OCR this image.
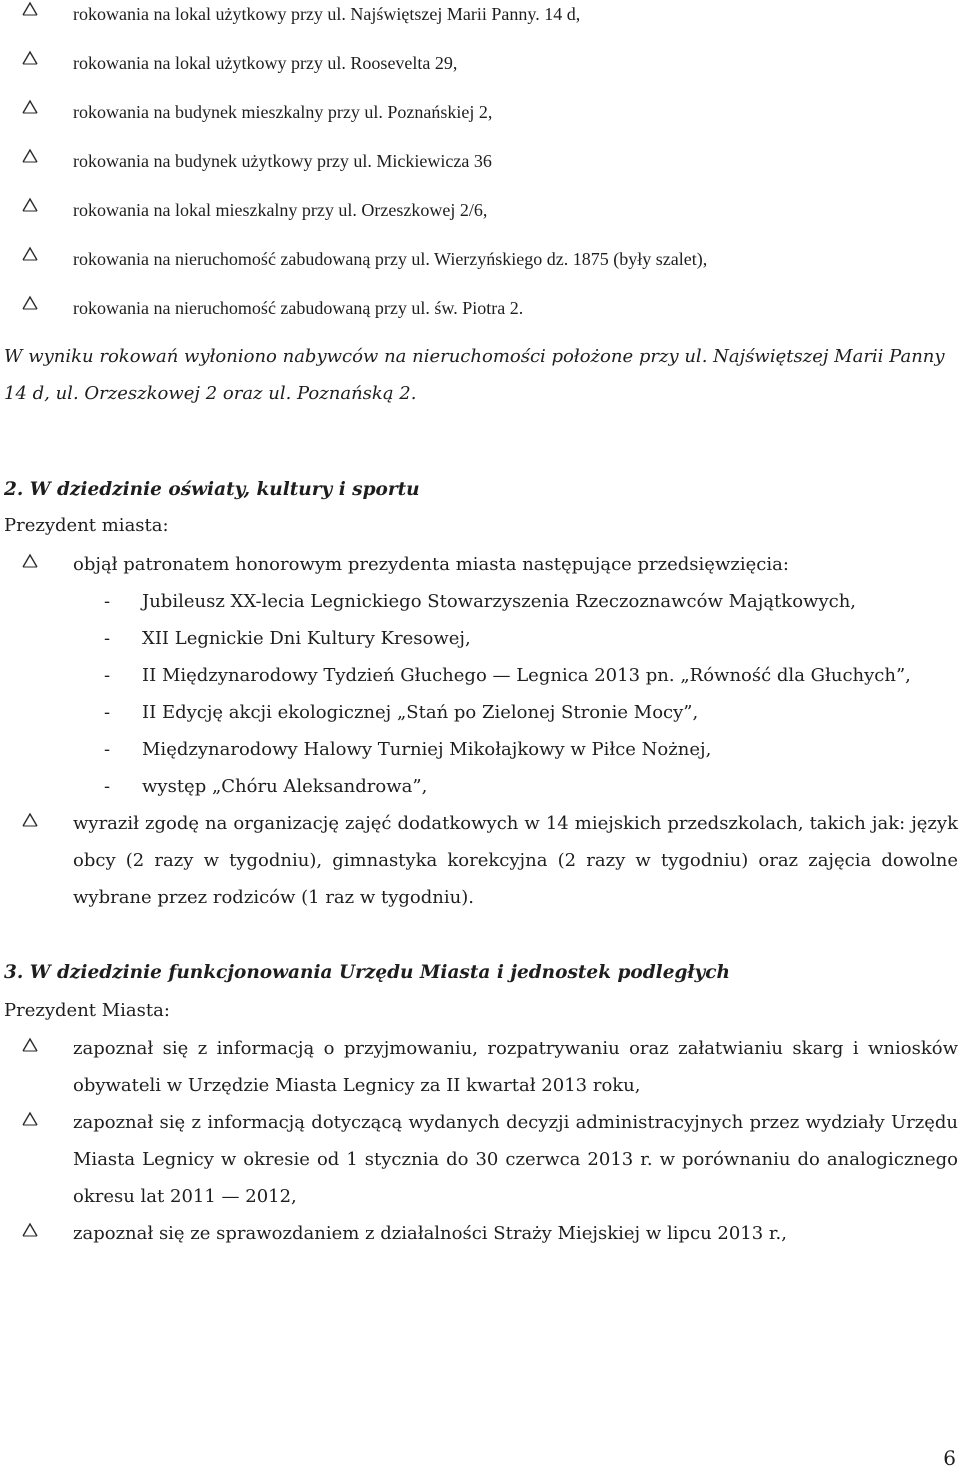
rokowania na lokal użytkowy przy ul. Najświętszej Marii Panny. 14 d,
rokowania na lokal użytkowy przy ul. Roosevelta 29,
rokowania na budynek mieszkalny przy ul. Poznańskiej 2,
rokowania na budynek użytkowy przy ul. Mickiewicza 36
rokowania na lokal mieszkalny przy ul. Orzeszkowej 2/6,
rokowania na nieruchomość zabudowaną przy ul. Wierzyńskiego dz. 1875 (były szalet),
rokowania na nieruchomość zabudowaną przy ul. św. Piotra 2.

W wyniku rokowań wyłoniono nabywców na nieruchomości położone przy ul. Najświętszej Marii Panny 14 d, ul. Orzeszkowej 2 oraz ul. Poznańską 2.

2. W dziedzinie oświaty, kultury i sportu
Prezydent miasta:
objął patronatem honorowym prezydenta miasta następujące przedsięwzięcia:
- Jubileusz XX-lecia Legnickiego Stowarzyszenia Rzeczoznawców Majątkowych,
- XII Legnickie Dni Kultury Kresowej,
- II Międzynarodowy Tydzień Głuchego — Legnica 2013 pn. „Równość dla Głuchych”,
- II Edycję akcji ekologicznej „Stań po Zielonej Stronie Mocy”,
- Międzynarodowy Halowy Turniej Mikołajkowy w Piłce Nożnej,
- występ „Chóru Aleksandrowa”,
wyraził zgodę na organizację zajęć dodatkowych w 14 miejskich przedszkolach, takich jak: język obcy (2 razy w tygodniu), gimnastyka korekcyjna (2 razy w tygodniu) oraz zajęcia dowolne wybrane przez rodziców (1 raz w tygodniu).
3. W dziedzinie funkcjonowania Urzędu Miasta i jednostek podległych
Prezydent Miasta:
zapoznał się z informacją o przyjmowaniu, rozpatrywaniu oraz załatwianiu skarg i wniosków obywateli w Urzędzie Miasta Legnicy za II kwartał 2013 roku,
zapoznał się z informacją dotyczącą wydanych decyzji administracyjnych przez wydziały Urzędu Miasta Legnicy w okresie od 1 stycznia do 30 czerwca 2013 r. w porównaniu do analogicznego okresu lat 2011 — 2012,
zapoznał się ze sprawozdaniem z działalności Straży Miejskiej w lipcu 2013 r.,
6
